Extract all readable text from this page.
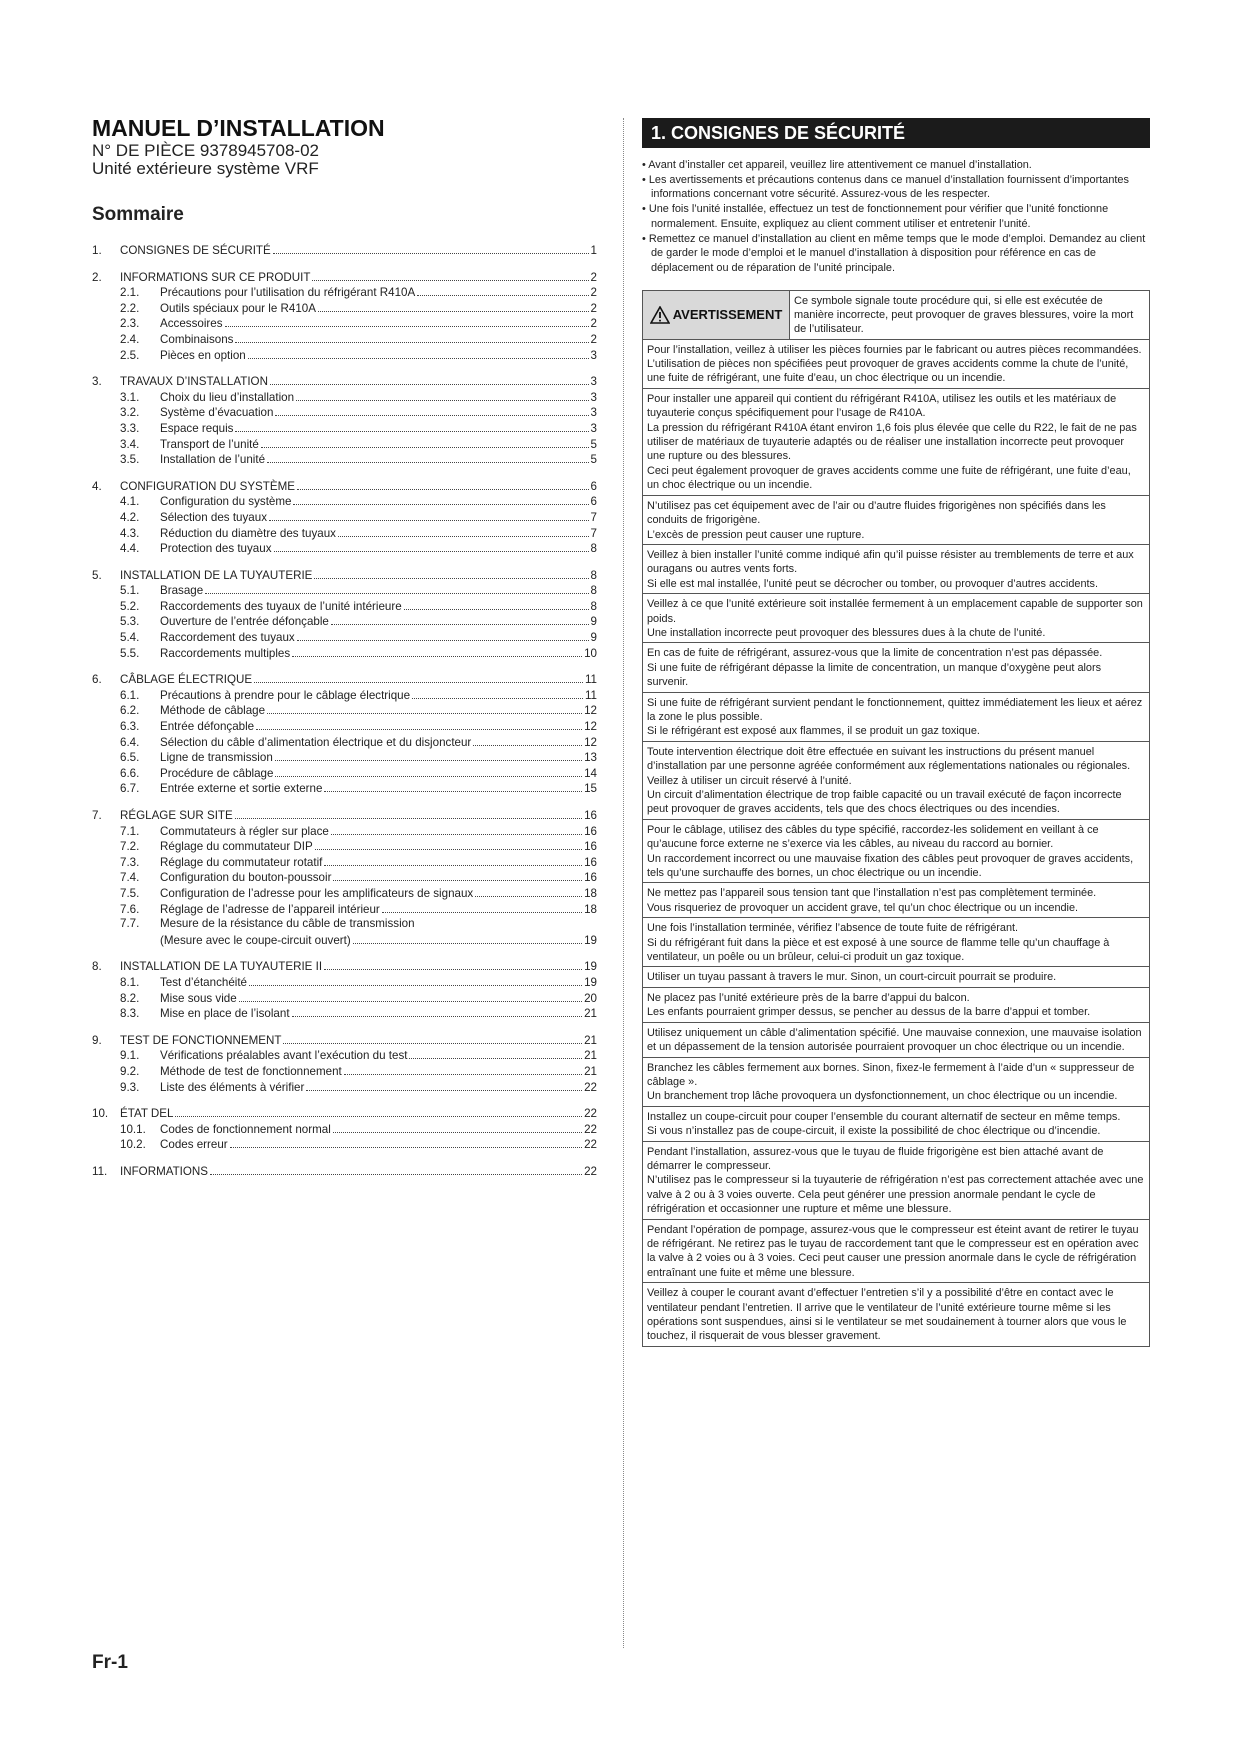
MANUEL D’INSTALLATION
N° DE PIÈCE 9378945708-02
Unité extérieure système VRF
Sommaire
1.	CONSIGNES DE SÉCURITÉ	1
2.	INFORMATIONS SUR CE PRODUIT	2
2.1.	Précautions pour l’utilisation du réfrigérant R410A	2
2.2.	Outils spéciaux pour le R410A	2
2.3.	Accessoires	2
2.4.	Combinaisons	2
2.5.	Pièces en option	3
3.	TRAVAUX D’INSTALLATION	3
3.1.	Choix du lieu d’installation	3
3.2.	Système d’évacuation	3
3.3.	Espace requis	3
3.4.	Transport de l’unité	5
3.5.	Installation de l’unité	5
4.	CONFIGURATION DU SYSTÈME	6
4.1.	Configuration du système	6
4.2.	Sélection des tuyaux	7
4.3.	Réduction du diamètre des tuyaux	7
4.4.	Protection des tuyaux	8
5.	INSTALLATION DE LA TUYAUTERIE	8
5.1.	Brasage	8
5.2.	Raccordements des tuyaux de l’unité intérieure	8
5.3.	Ouverture de l’entrée défonçable	9
5.4.	Raccordement des tuyaux	9
5.5.	Raccordements multiples	10
6.	CÂBLAGE ÉLECTRIQUE	11
6.1.	Précautions à prendre pour le câblage électrique	11
6.2.	Méthode de câblage	12
6.3.	Entrée défonçable	12
6.4.	Sélection du câble d’alimentation électrique et du disjoncteur	12
6.5.	Ligne de transmission	13
6.6.	Procédure de câblage	14
6.7.	Entrée externe et sortie externe	15
7.	RÉGLAGE SUR SITE	16
7.1.	Commutateurs à régler sur place	16
7.2.	Réglage du commutateur DIP	16
7.3.	Réglage du commutateur rotatif	16
7.4.	Configuration du bouton-poussoir	16
7.5.	Configuration de l’adresse pour les amplificateurs de signaux	18
7.6.	Réglage de l’adresse de l’appareil intérieur	18
7.7.	Mesure de la résistance du câble de transmission
(Mesure avec le coupe-circuit ouvert)	19
8.	INSTALLATION DE LA TUYAUTERIE II	19
8.1.	Test d’étanchéité	19
8.2.	Mise sous vide	20
8.3.	Mise en place de l’isolant	21
9.	TEST DE FONCTIONNEMENT	21
9.1.	Vérifications préalables avant l’exécution du test	21
9.2.	Méthode de test de fonctionnement	21
9.3.	Liste des éléments à vérifier	22
10.	ÉTAT DEL	22
10.1.	Codes de fonctionnement normal	22
10.2.	Codes erreur	22
11.	INFORMATIONS	22
1. CONSIGNES DE SÉCURITÉ
• Avant d’installer cet appareil, veuillez lire attentivement ce manuel d’installation.
• Les avertissements et précautions contenus dans ce manuel d’installation fournissent d’importantes informations concernant votre sécurité. Assurez-vous de les respecter.
• Une fois l’unité installée, effectuez un test de fonctionnement pour vérifier que l’unité fonctionne normalement. Ensuite, expliquez au client comment utiliser et entretenir l’unité.
• Remettez ce manuel d’installation au client en même temps que le mode d’emploi. Demandez au client de garder le mode d’emploi et le manuel d’installation à disposition pour référence en cas de déplacement ou de réparation de l’unité principale.
AVERTISSEMENT
Ce symbole signale toute procédure qui, si elle est exécutée de manière incorrecte, peut provoquer de graves blessures, voire la mort de l’utilisateur.
Pour l’installation, veillez à utiliser les pièces fournies par le fabricant ou autres pièces recommandées.
L’utilisation de pièces non spécifiées peut provoquer de graves accidents comme la chute de l’unité, une fuite de réfrigérant, une fuite d’eau, un choc électrique ou un incendie.
Pour installer une appareil qui contient du réfrigérant R410A, utilisez les outils et les matériaux de tuyauterie conçus spécifiquement pour l’usage de R410A.
La pression du réfrigérant R410A étant environ 1,6 fois plus élevée que celle du R22, le fait de ne pas utiliser de matériaux de tuyauterie adaptés ou de réaliser une installation incorrecte peut provoquer une rupture ou des blessures.
Ceci peut également provoquer de graves accidents comme une fuite de réfrigérant, une fuite d’eau, un choc électrique ou un incendie.
N’utilisez pas cet équipement avec de l’air ou d’autre fluides frigorigènes non spécifiés dans les conduits de frigorigène.
L’excès de pression peut causer une rupture.
Veillez à bien installer l’unité comme indiqué afin qu’il puisse résister au tremblements de terre et aux ouragans ou autres vents forts.
Si elle est mal installée, l’unité peut se décrocher ou tomber, ou provoquer d’autres accidents.
Veillez à ce que l’unité extérieure soit installée fermement à un emplacement capable de supporter son poids.
Une installation incorrecte peut provoquer des blessures dues à la chute de l’unité.
En cas de fuite de réfrigérant, assurez-vous que la limite de concentration n’est pas dépassée.
Si une fuite de réfrigérant dépasse la limite de concentration, un manque d’oxygène peut alors survenir.
Si une fuite de réfrigérant survient pendant le fonctionnement, quittez immédiatement les lieux et aérez la zone le plus possible.
Si le réfrigérant est exposé aux flammes, il se produit un gaz toxique.
Toute intervention électrique doit être effectuée en suivant les instructions du présent manuel d’installation par une personne agréée conformément aux réglementations nationales ou régionales. Veillez à utiliser un circuit réservé à l’unité.
Un circuit d’alimentation électrique de trop faible capacité ou un travail exécuté de façon incorrecte peut provoquer de graves accidents, tels que des chocs électriques ou des incendies.
Pour le câblage, utilisez des câbles du type spécifié, raccordez-les solidement en veillant à ce qu’aucune force externe ne s’exerce via les câbles, au niveau du raccord au bornier.
Un raccordement incorrect ou une mauvaise fixation des câbles peut provoquer de graves accidents, tels qu’une surchauffe des bornes, un choc électrique ou un incendie.
Ne mettez pas l’appareil sous tension tant que l’installation n’est pas complètement terminée.
Vous risqueriez de provoquer un accident grave, tel qu’un choc électrique ou un incendie.
Une fois l’installation terminée, vérifiez l’absence de toute fuite de réfrigérant.
Si du réfrigérant fuit dans la pièce et est exposé à une source de flamme telle qu’un chauffage à ventilateur, un poêle ou un brûleur, celui-ci produit un gaz toxique.
Utiliser un tuyau passant à travers le mur. Sinon, un court-circuit pourrait se produire.
Ne placez pas l’unité extérieure près de la barre d’appui du balcon.
Les enfants pourraient grimper dessus, se pencher au dessus de la barre d’appui et tomber.
Utilisez uniquement un câble d’alimentation spécifié. Une mauvaise connexion, une mauvaise isolation et un dépassement de la tension autorisée pourraient provoquer un choc électrique ou un incendie.
Branchez les câbles fermement aux bornes. Sinon, fixez-le fermement à l’aide d’un « suppresseur de câblage ».
Un branchement trop lâche provoquera un dysfonctionnement, un choc électrique ou un incendie.
Installez un coupe-circuit pour couper l’ensemble du courant alternatif de secteur en même temps.
Si vous n’installez pas de coupe-circuit, il existe la possibilité de choc électrique ou d’incendie.
Pendant l’installation, assurez-vous que le tuyau de fluide frigorigène est bien attaché avant de démarrer le compresseur.
N’utilisez pas le compresseur si la tuyauterie de réfrigération n’est pas correctement attachée avec une valve à 2 ou à 3 voies ouverte. Cela peut générer une pression anormale pendant le cycle de réfrigération et occasionner une rupture et même une blessure.
Pendant l’opération de pompage, assurez-vous que le compresseur est éteint avant de retirer le tuyau de réfrigérant. Ne retirez pas le tuyau de raccordement tant que le compresseur est en opération avec la valve à 2 voies ou à 3 voies. Ceci peut causer une pression anormale dans le cycle de réfrigération entraînant une fuite et même une blessure.
Veillez à couper le courant avant d’effectuer l’entretien s’il y a possibilité d’être en contact avec le ventilateur pendant l’entretien. Il arrive que le ventilateur de l’unité extérieure tourne même si les opérations sont suspendues, ainsi si le ventilateur se met soudainement à tourner alors que vous le touchez, il risquerait de vous blesser gravement.
Fr-1
